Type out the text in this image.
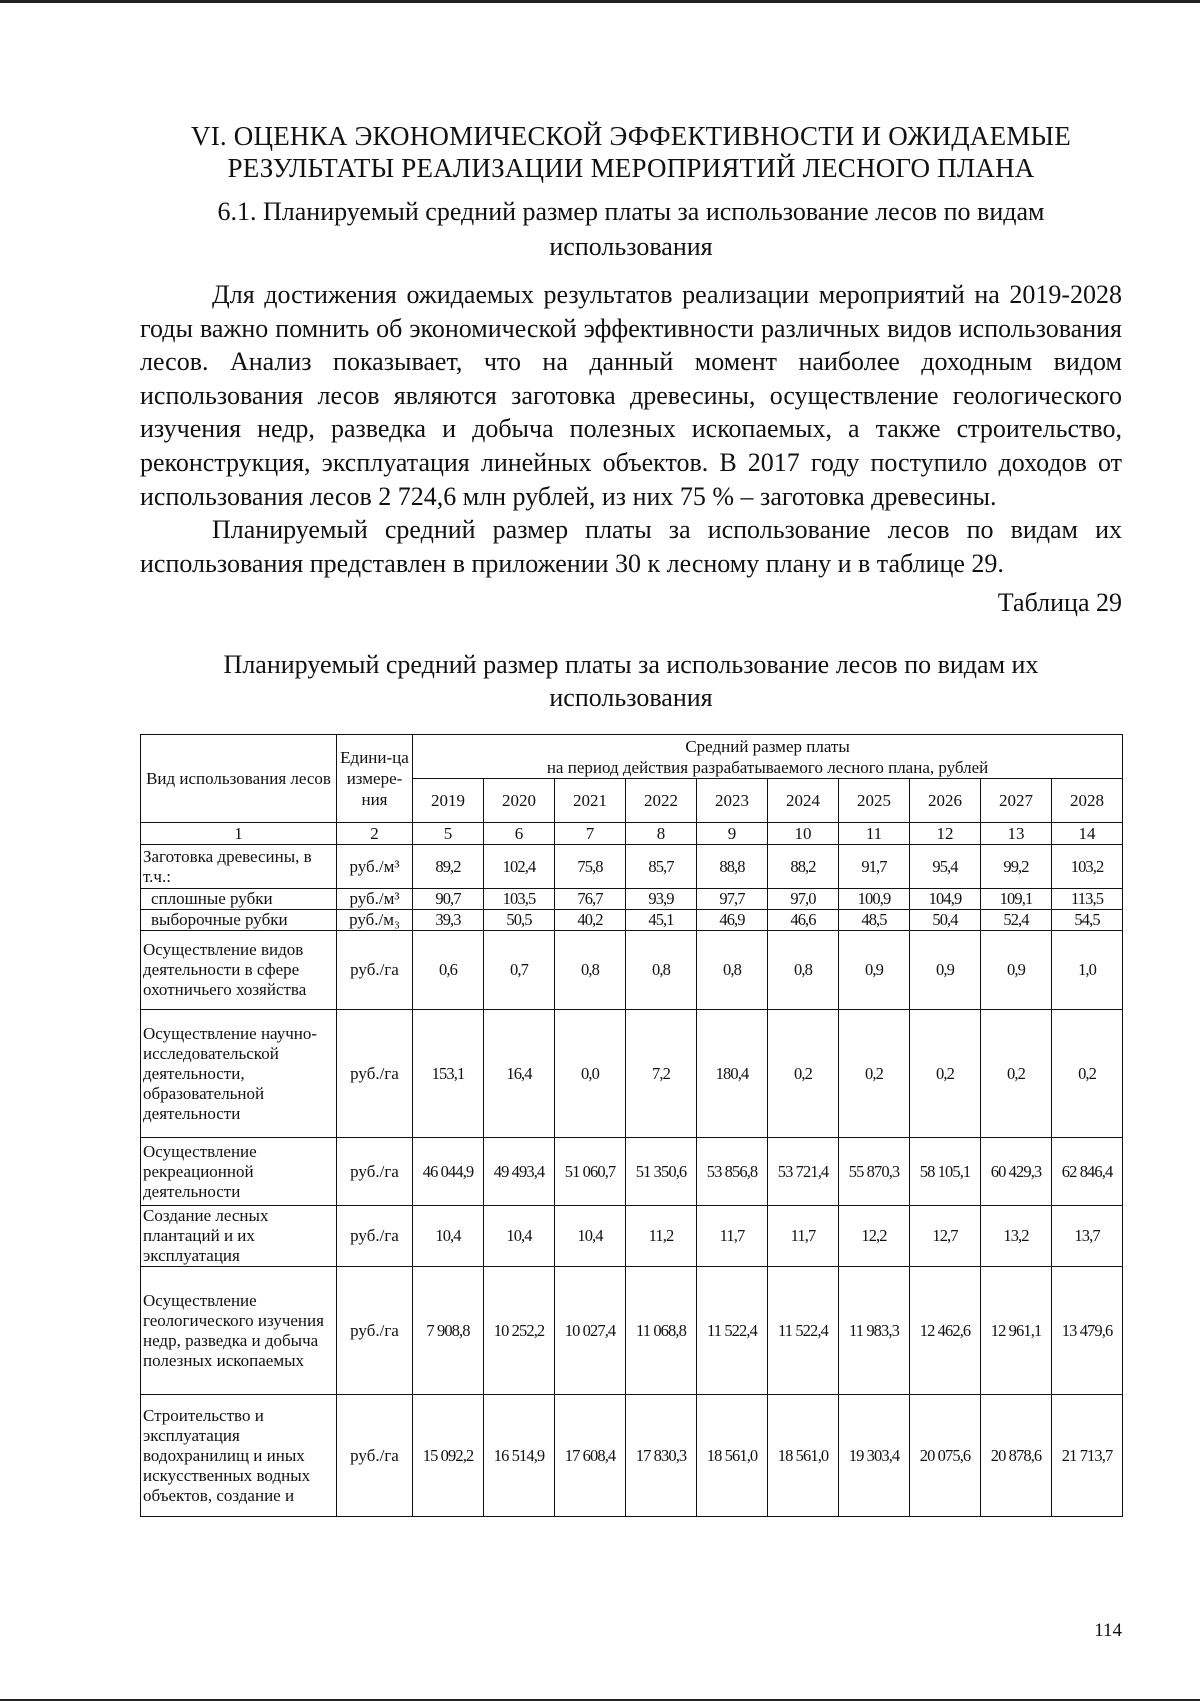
VI. ОЦЕНКА ЭКОНОМИЧЕСКОЙ ЭФФЕКТИВНОСТИ И ОЖИДАЕМЫЕ
РЕЗУЛЬТАТЫ РЕАЛИЗАЦИИ МЕРОПРИЯТИЙ ЛЕСНОГО ПЛАНА
6.1. Планируемый средний размер платы за использование лесов по видам
использования

Для достижения ожидаемых результатов реализации мероприятий на 2019-2028 годы важно помнить об экономической эффективности различных видов использования лесов. Анализ показывает, что на данный момент наиболее доходным видом использования лесов являются заготовка древесины, осуществление геологического изучения недр, разведка и добыча полезных ископаемых, а также строительство, реконструкция, эксплуатация линейных объектов. В 2017 году поступило доходов от использования лесов 2 724,6 млн рублей, из них 75 % – заготовка древесины.

Планируемый средний размер платы за использование лесов по видам их использования представлен в приложении 30 к лесному плану и в таблице 29.

Таблица 29
Планируемый средний размер платы за использование лесов по видам их
использования
Вид использования лесов	Едини-ца измере-ния	Средний размер платы
на период действия разрабатываемого лесного плана, рублей									
		2019	2020	2021	2022	2023	2024	2025	2026	2027	2028
1	2	5	6	7	8	9	10	11	12	13	14
Заготовка древесины, в т.ч.:	руб./м³	89,2	102,4	75,8	85,7	88,8	88,2	91,7	95,4	99,2	103,2
сплошные рубки	руб./м³	90,7	103,5	76,7	93,9	97,7	97,0	100,9	104,9	109,1	113,5
выборочные рубки	руб./м₃	39,3	50,5	40,2	45,1	46,9	46,6	48,5	50,4	52,4	54,5
Осуществление видов деятельности в сфере охотничьего хозяйства	руб./га	0,6	0,7	0,8	0,8	0,8	0,8	0,9	0,9	0,9	1,0
Осуществление научно-исследовательской деятельности, образовательной деятельности	руб./га	153,1	16,4	0,0	7,2	180,4	0,2	0,2	0,2	0,2	0,2
Осуществление рекреационной деятельности	руб./га	46 044,9	49 493,4	51 060,7	51 350,6	53 856,8	53 721,4	55 870,3	58 105,1	60 429,3	62 846,4
Создание лесных плантаций и их эксплуатация	руб./га	10,4	10,4	10,4	11,2	11,7	11,7	12,2	12,7	13,2	13,7
Осуществление геологического изучения недр, разведка и добыча полезных ископаемых	руб./га	7 908,8	10 252,2	10 027,4	11 068,8	11 522,4	11 522,4	11 983,3	12 462,6	12 961,1	13 479,6
Строительство и эксплуатация водохранилищ и иных искусственных водных объектов, создание и	руб./га	15 092,2	16 514,9	17 608,4	17 830,3	18 561,0	18 561,0	19 303,4	20 075,6	20 878,6	21 713,7
114
